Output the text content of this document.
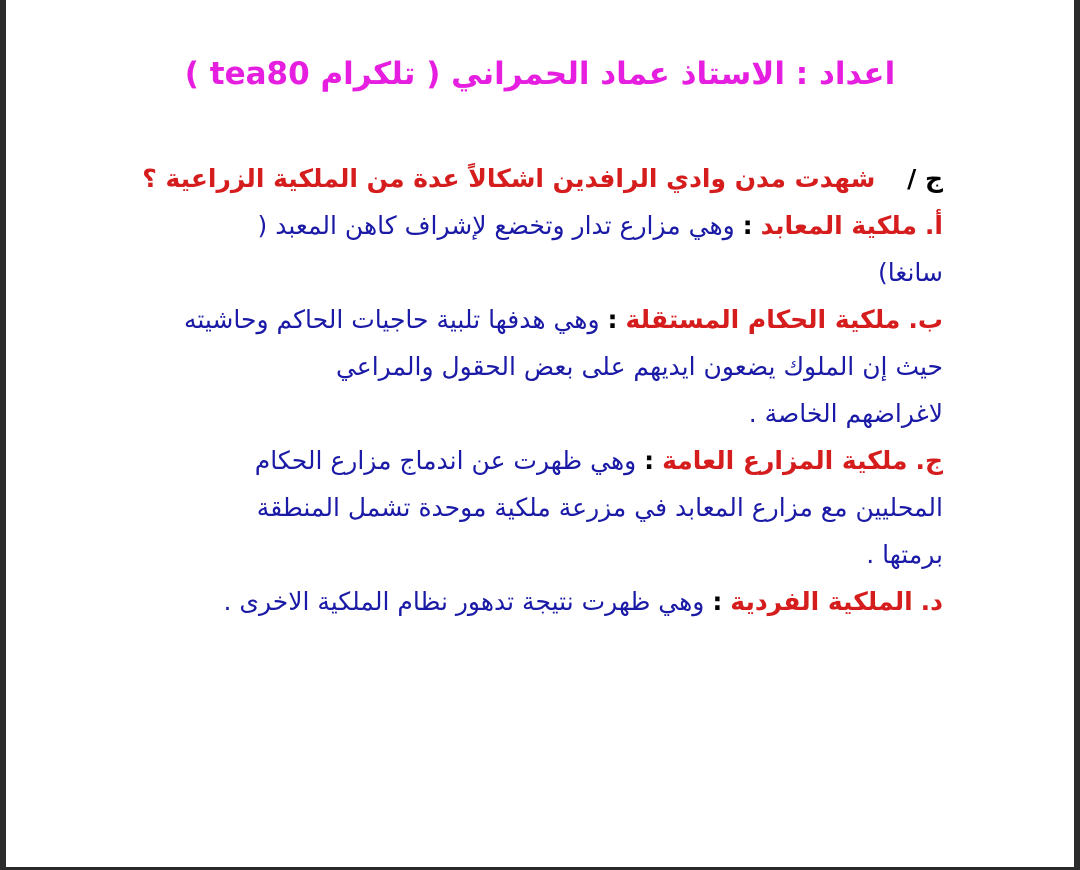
اعداد : الاستاذ عماد الحمراني ( تلكرام tea80 )
ج /    شهدت مدن وادي الرافدين اشكالاً عدة من الملكية الزراعية ؟
أ. ملكية المعابد : وهي مزارع تدار وتخضع لإشراف كاهن المعبد (
سانغا)
ب. ملكية الحكام المستقلة : وهي هدفها تلبية حاجيات الحاكم وحاشيته
حيث إن الملوك يضعون ايديهم على بعض الحقول والمراعي
لاغراضهم الخاصة .
ج. ملكية المزارع العامة : وهي ظهرت عن اندماج مزارع الحكام
المحليين مع مزارع المعابد في مزرعة ملكية موحدة تشمل المنطقة
برمتها .
د. الملكية الفردية : وهي ظهرت نتيجة تدهور نظام الملكية الاخرى .
